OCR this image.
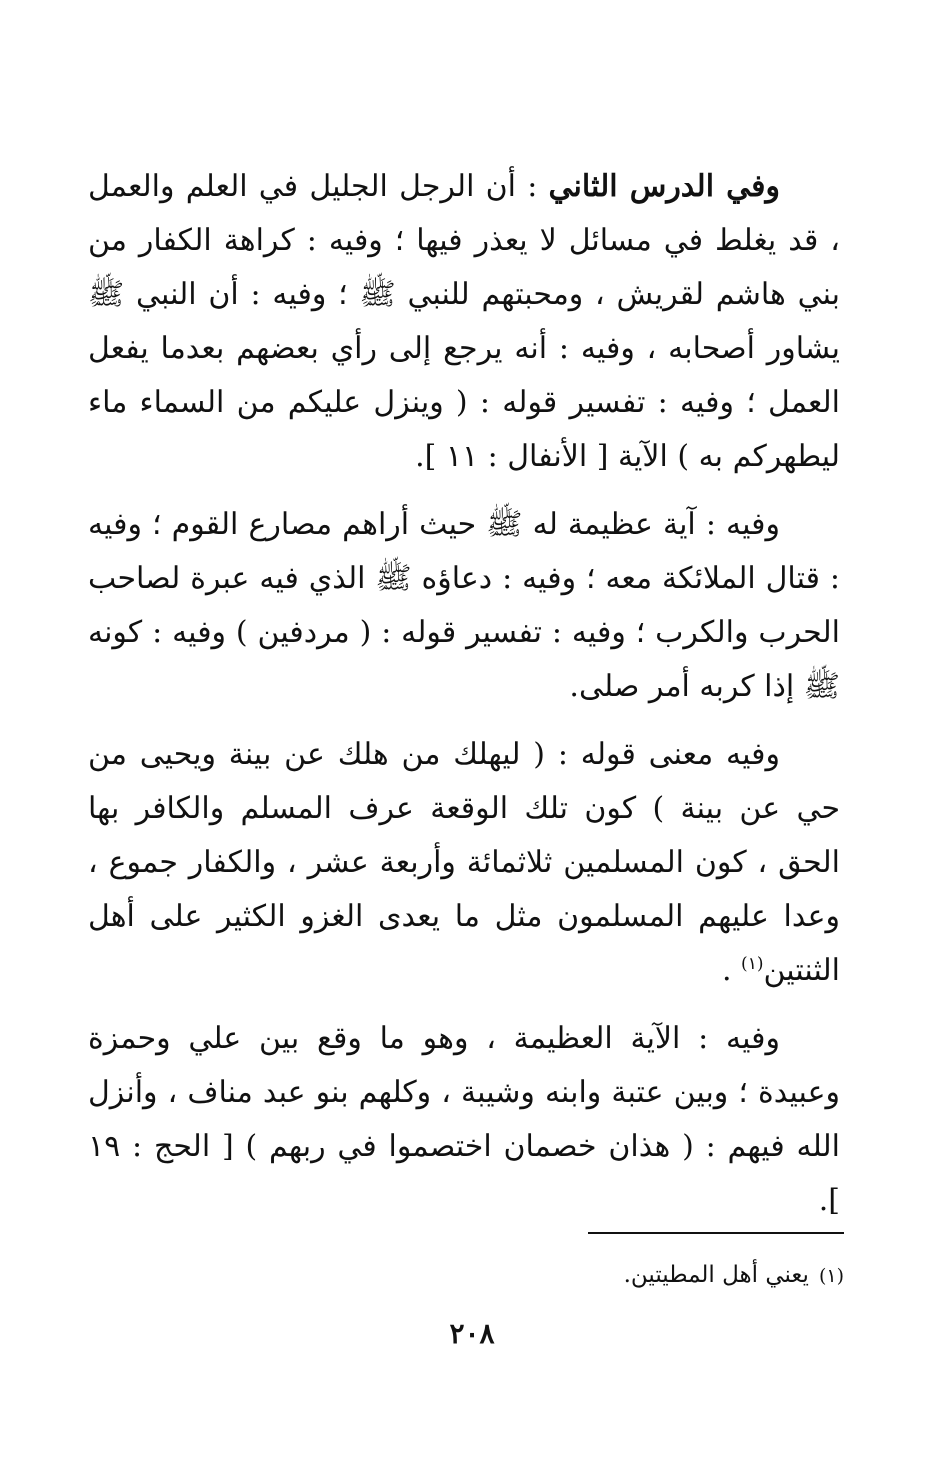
وفي الدرس الثاني : أن الرجل الجليل في العلم والعمل ، قد يغلط في مسائل لا يعذر فيها ؛ وفيه : كراهة الكفار من بني هاشم لقريش ، ومحبتهم للنبي ﷺ ؛ وفيه : أن النبي ﷺ يشاور أصحابه ، وفيه : أنه يرجع إلى رأي بعضهم بعدما يفعل العمل ؛ وفيه : تفسير قوله : ( وينزل عليكم من السماء ماء ليطهركم به ) الآية [ الأنفال : ١١ ].

وفيه : آية عظيمة له ﷺ حيث أراهم مصارع القوم ؛ وفيه : قتال الملائكة معه ؛ وفيه : دعاؤه ﷺ الذي فيه عبرة لصاحب الحرب والكرب ؛ وفيه : تفسير قوله : ( مردفين ) وفيه : كونه ﷺ إذا كربه أمر صلى.

وفيه معنى قوله : ( ليهلك من هلك عن بينة ويحيى من حي عن بينة ) كون تلك الوقعة عرف المسلم والكافر بها الحق ، كون المسلمين ثلاثمائة وأربعة عشر ، والكفار جموع ، وعدا عليهم المسلمون مثل ما يعدى الغزو الكثير على أهل الثنتين$^{(١)}$ .

وفيه : الآية العظيمة ، وهو ما وقع بين علي وحمزة وعبيدة ؛ وبين عتبة وابنه وشيبة ، وكلهم بنو عبد مناف ، وأنزل الله فيهم : ( هذان خصمان اختصموا في ربهم ) [ الحج : ١٩ ].

(١)يعني أهل المطيتين.
٢٠٨
